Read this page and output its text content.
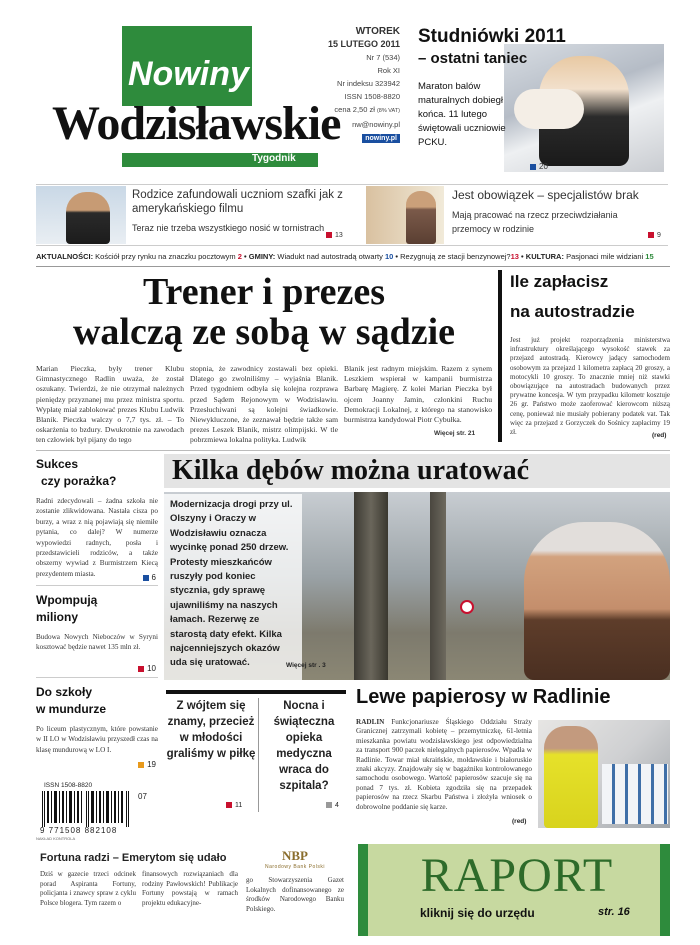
Nowiny
Wodzisławskie
Tygodnik
WTOREK
15 LUTEGO 2011
Nr 7 (534)
Rok XI
Nr indeksu 323942
ISSN 1508-8820
cena 2,50 zł (8% VAT)
nw@nowiny.pl
nowiny.pl
Studniówki 2011
– ostatni taniec
Maraton balów maturalnych dobiegł końca. 11 lutego świętowali uczniowie PCKU.
20
Rodzice zafundowali uczniom szafki jak z amerykańskiego filmu
Teraz nie trzeba wszystkiego nosić w tornistrach
13
Jest obowiązek – specjalistów brak
Mają pracować na rzecz przeciwdziałania przemocy w rodzinie
9
AKTUALNOŚCI: Kościół przy rynku na znaczku pocztowym 2 • GMINY: Wiadukt nad autostradą otwarty 10 • Rezygnują ze stacji benzynowej?13 • KULTURA: Pasjonaci mile widziani 15
Trener i prezes
walczą ze sobą w sądzie
Marian Pieczka, były trener Klubu Gimnastycznego Radlin uważa, że został oszukany. Twierdzi, że nie otrzymał należnych pieniędzy przyznanej mu przez ministra sportu. Wypłatę miał zablokować prezes Klubu Ludwik Blanik. Pieczka walczy o 7,7 tys. zł. – To oskarżenia to bzdury. Dwukrotnie na zawodach ten człowiek był pijany do tego
stopnia, że zawodnicy zostawali bez opieki. Dlatego go zwolniliśmy – wyjaśnia Blanik. Przed tygodniem odbyła się kolejna rozprawa przed Sądem Rejonowym w Wodzisławiu. Przesłuchiwani są kolejni świadkowie. Niewykluczone, że zeznawał będzie także sam prezes Leszek Blanik, mistrz olimpijski. W tle pobrzmiewa lokalna polityka. Ludwik
Blanik jest radnym miejskim. Razem z synem Leszkiem wspierał w kampanii burmistrza Barbarę Magierę. Z kolei Marian Pieczka był ojcem Joanny Jamin, członkini Ruchu Demokracji Lokalnej, z którego na stanowisko burmistrza kandydował Piotr Cybułka.
Więcej str. 21
Ile zapłacisz
na autostradzie
Jest już projekt rozporządzenia ministerstwa infrastruktury określającego wysokość stawek za przejazd autostradą. Kierowcy jadący samochodem osobowym za przejazd 1 kilometra zapłacą 20 groszy, a motocykli 10 groszy. To znacznie mniej niż stawki obowiązujące na autostradach budowanych przez prywatne koncesja. W tym przypadku kilometr kosztuje 26 gr. Państwo może zaoferować kierowcom niższą cenę, ponieważ nie musiały pobierany podatek vat. Tak więc za przejazd z Gorzyczek do Sośnicy zapłacimy 19 zł.	(red)
Sukces
czy porażka?
Radni zdecydowali – żadna szkoła nie zostanie zlikwidowana. Nastała cisza po burzy, a wraz z nią pojawiają się niemiłe pytania, co dalej? W numerze wypowiedzi radnych, posła i przedstawicieli rodziców, a także obszerny wywiad z Burmistrzem Kiecą prezydentem miasta.	6
Wpompują
miliony
Budowa Nowych Nieboczów w Syryni kosztować będzie nawet 135 mln zł.
10
Do szkoły
w mundurze
Po liceum plastycznym, które powstanie w II LO w Wodzisławiu przyszedł czas na klasę mundurową w LO I.
19
Kilka dębów można uratować
Modernizacja drogi przy ul. Olszyny i Oraczy w Wodzisławiu oznacza wycinkę ponad 250 drzew. Protesty mieszkańców ruszyły pod koniec stycznia, gdy sprawę ujawniliśmy na naszych łamach. Rezerwę ze starostą daty efekt. Kilka najcenniejszych okazów uda się uratować.	Więcej str . 3
Z wójtem się znamy, przecież w młodości graliśmy w piłkę
11
Nocna i świąteczna opieka medyczna wraca do szpitala?
4
Lewe papierosy w Radlinie
RADLIN Funkcjonariusze Śląskiego Oddziału Straży Granicznej zatrzymali kobietę – przemytniczkę, 61-letnia mieszkanka powiatu wodzisławskiego jest odpowiedzialna za transport 900 paczek nielegalnych papierosów. Wpadła w Radlinie. Towar miał ukraińskie, mołdawskie i białoruskie znaki akcyzy. Znajdowały się w bagażniku kontrolowanego samochodu osobowego. Wartość papierosów szacuje się na ponad 7 tys. zł. Kobieta zgodziła się na przepadek papierosów na rzecz Skarbu Państwa i złożyła wniosek o dobrowolne poddanie się karze.
(red)
ISSN 1508-8820
07
9 771508 882108
NAKŁAD KONTROLA
Fortuna radzi – Emerytom się udało
Dziś w gazecie trzeci odcinek porad Aspiranta Fortuny, policjanta i znawcy spraw z cyklu Polsce blogera. Tym razem o
finansowych rozwiązaniach dla rodziny Pawłowskich! Publikacje Fortuny powstają w ramach projektu edukacyjne-
NBP
Narodowy Bank Polski
go Stowarzyszenia Gazet Lokalnych dofinansowanego ze środków Narodowego Banku Polskiego.
RAPORT
kliknij się do urzędu	str. 16
